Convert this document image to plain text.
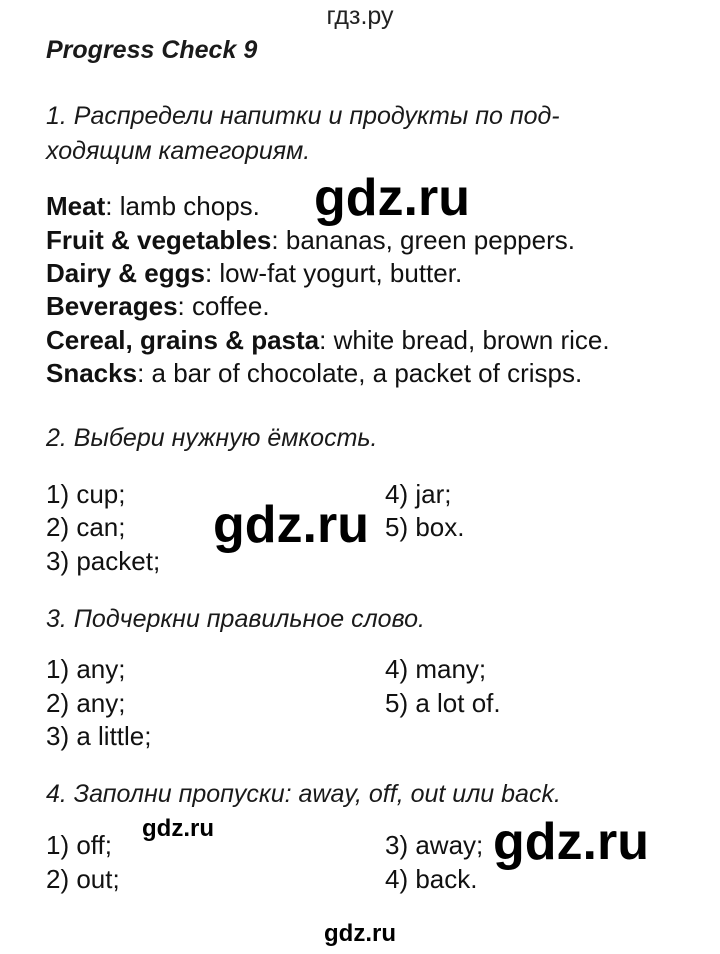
гдз.ру
Progress Check 9
1. Распредели напитки и продукты по под-
ходящим категориям.
Meat: lamb chops.
Fruit & vegetables: bananas, green peppers.
Dairy & eggs: low-fat yogurt, butter.
Beverages: coffee.
Cereal, grains & pasta: white bread, brown rice.
Snacks: a bar of chocolate, a packet of crisps.
2. Выбери нужную ёмкость.
1) cup;
2) can;
3) packet;
4) jar;
5) box.
3. Подчеркни правильное слово.
1) any;
2) any;
3) a little;
4) many;
5) a lot of.
4. Заполни пропуски: away, off, out или back.
1) off;
2) out;
3) away;
4) back.
gdz.ru
gdz.ru
gdz.ru
gdz.ru
gdz.ru
